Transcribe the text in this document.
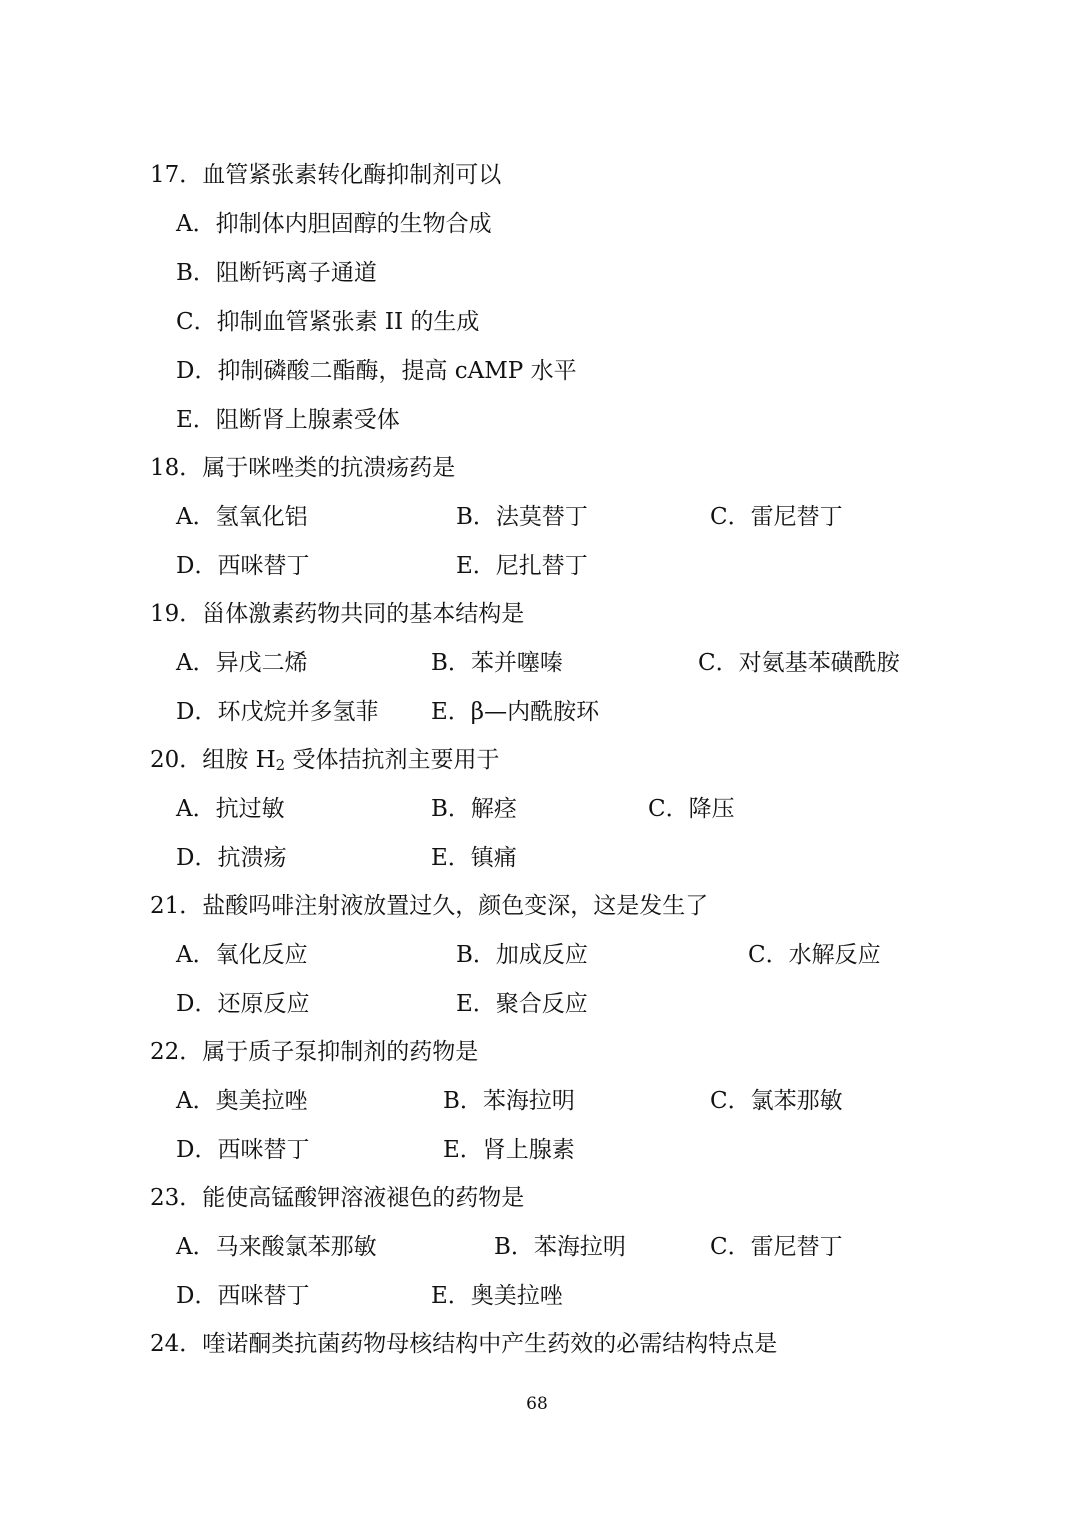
17．血管紧张素转化酶抑制剂可以
A．抑制体内胆固醇的生物合成
B．阻断钙离子通道
C．抑制血管紧张素 II 的生成
D．抑制磷酸二酯酶，提高 cAMP 水平
E．阻断肾上腺素受体
18．属于咪唑类的抗溃疡药是
A．氢氧化铝	B．法莫替丁	C．雷尼替丁
D．西咪替丁	E．尼扎替丁
19．甾体激素药物共同的基本结构是
A．异戊二烯	B．苯并噻嗪	C．对氨基苯磺酰胺
D．环戊烷并多氢菲 E．β—内酰胺环
20．组胺 $H_2$ 受体拮抗剂主要用于
A．抗过敏	B．解痉	C．降压
D．抗溃疡	E．镇痛
21．盐酸吗啡注射液放置过久，颜色变深，这是发生了
A．氧化反应	B．加成反应	C．水解反应
D．还原反应	E．聚合反应
22．属于质子泵抑制剂的药物是
A．奥美拉唑	B．苯海拉明	C．氯苯那敏
D．西咪替丁	E．肾上腺素
23．能使高锰酸钾溶液褪色的药物是
A．马来酸氯苯那敏	B．苯海拉明	C．雷尼替丁
D．西咪替丁	E．奥美拉唑
24．喹诺酮类抗菌药物母核结构中产生药效的必需结构特点是
68
